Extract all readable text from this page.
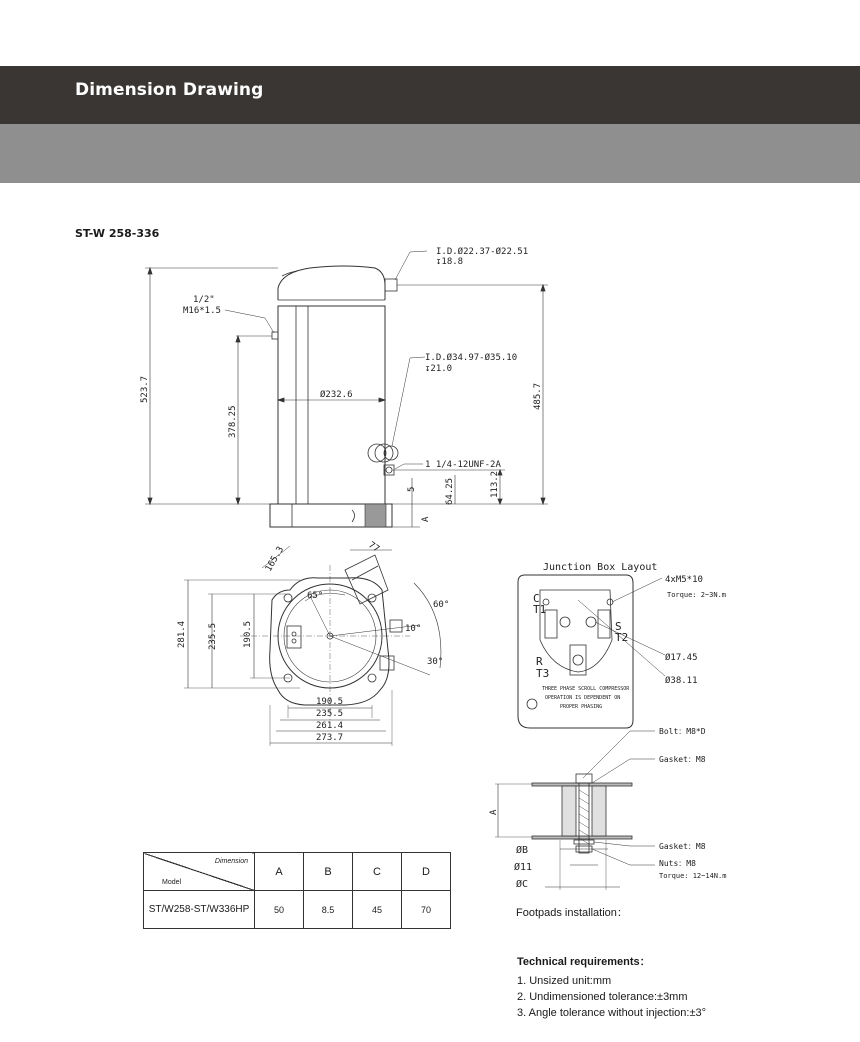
Dimension Drawing
ST-W 258-336
I.D.Ø22.37-Ø22.51
↧18.8
1/2"
M16*1.5
I.D.Ø34.97-Ø35.10
↧21.0
1 1/4-12UNF-2A
Ø232.6
523.7	485.7
378.25
113.2
64.25
5
A
165.3	77
65°
60°
10°
30°
281.4 235.5	190.5
190.5
235.5
261.4
273.7
Junction Box Layout
4xM5*10
Torque: 2~3N.m
Ø17.45
Ø38.11
C
T1
S
T2
R
T3
THREE PHASE SCROLL COMPRESSOR
OPERATION IS DEPENDENT ON
PROPER PHASING
Bolt：M8*D
Gasket：M8
Gasket：M8
Nuts：M8
Torque: 12~14N.m
A
ØB
Ø11
ØC
Dimension
Model	A	B	C	D
ST/W258-ST/W336HP	50	8.5	45	70	Footpads installation：
Technical requirements：
1. Unsized unit:mm
2. Undimensioned tolerance:±3mm
3. Angle tolerance without injection:±3°
